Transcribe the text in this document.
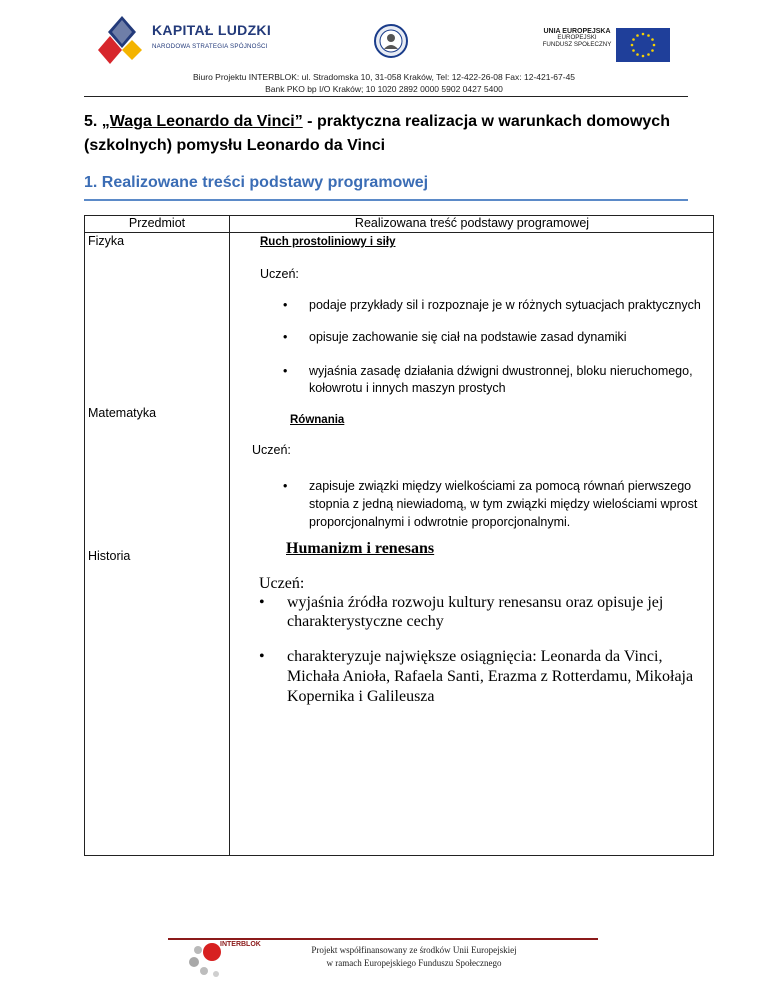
KAPITAŁ LUDZKI
NARODOWA STRATEGIA SPÓJNOŚCI
UNIA EUROPEJSKA
EUROPEJSKI
FUNDUSZ SPOŁECZNY
Biuro Projektu INTERBLOK: ul. Stradomska 10, 31-058 Kraków, Tel: 12-422-26-08 Fax: 12-421-67-45
Bank PKO bp I/O Kraków; 10 1020 2892 0000 5902 0427 5400
5. „Waga Leonardo da Vinci” - praktyczna realizacja w warunkach domowych (szkolnych) pomysłu Leonardo da Vinci
1. Realizowane treści podstawy programowej
Przedmiot	Realizowana treść podstawy programowej
Fizyka	Ruch prostoliniowy i siły
Uczeń:
• podaje przykłady sil i rozpoznaje je w różnych sytuacjach praktycznych
• opisuje zachowanie się ciał na podstawie zasad dynamiki
• wyjaśnia zasadę działania dźwigni dwustronnej, bloku nieruchomego, kołowrotu i innych maszyn prostych
Matematyka	Równania
Uczeń:
• zapisuje związki między wielkościami za pomocą równań pierwszego stopnia z jedną niewiadomą, w tym związki między wielościami wprost proporcjonalnymi i odwrotnie proporcjonalnymi.
Historia	Humanizm i renesans
Uczeń:
• wyjaśnia źródła rozwoju kultury renesansu oraz opisuje jej charakterystyczne cechy
• charakteryzuje największe osiągnięcia: Leonarda da Vinci, Michała Anioła, Rafaela Santi, Erazma z Rotterdamu, Mikołaja Kopernika i Galileusza
INTERBLOK
Projekt współfinansowany ze środków Unii Europejskiej
w ramach Europejskiego Funduszu Społecznego
